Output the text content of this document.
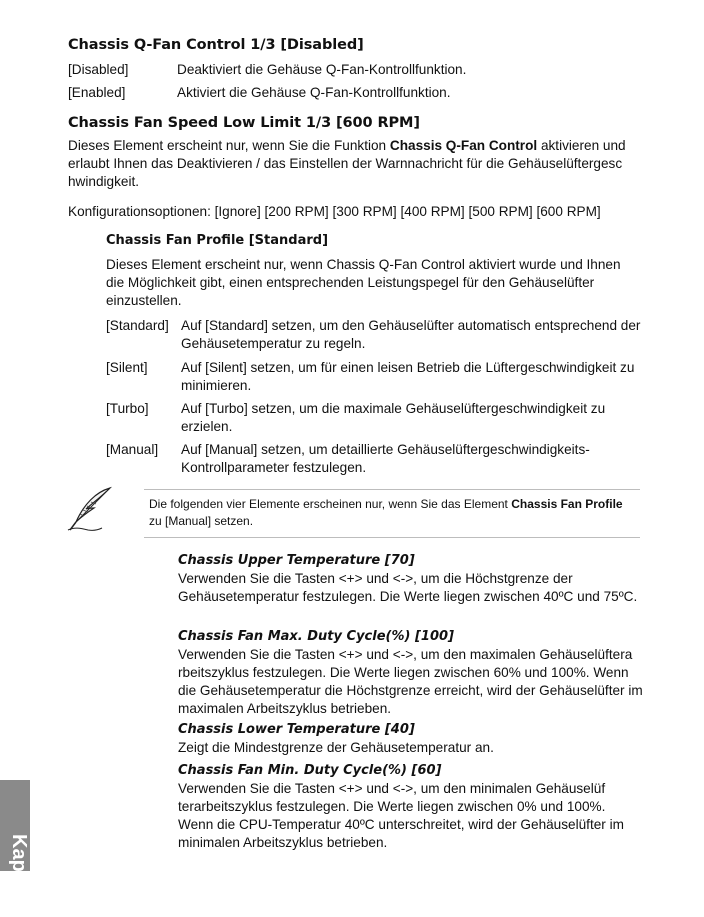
Chassis Q-Fan Control 1/3 [Disabled]
[Disabled]	Deaktiviert die Gehäuse Q-Fan-Kontrollfunktion.
[Enabled]	Aktiviert die Gehäuse Q-Fan-Kontrollfunktion.
Chassis Fan Speed Low Limit 1/3 [600 RPM]

Dieses Element erscheint nur, wenn Sie die Funktion Chassis Q-Fan Control aktivieren und erlaubt Ihnen das Deaktivieren / das Einstellen der Warnnachricht für die Gehäuselüftergesc hwindigkeit.

Konfigurationsoptionen: [Ignore] [200 RPM] [300 RPM] [400 RPM] [500 RPM] [600 RPM]

Chassis Fan Profile [Standard]

Dieses Element erscheint nur, wenn Chassis Q-Fan Control aktiviert wurde und Ihnen die Möglichkeit gibt, einen entsprechenden Leistungspegel für den Gehäuselüfter einzustellen.

[Standard] Auf [Standard] setzen, um den Gehäuselüfter automatisch entsprechend der Gehäusetemperatur zu regeln.
[Silent] Auf [Silent] setzen, um für einen leisen Betrieb die Lüftergeschwindigkeit zu minimieren.
[Turbo] Auf [Turbo] setzen, um die maximale Gehäuselüftergeschwindigkeit zu erzielen.
[Manual] Auf [Manual] setzen, um detaillierte Gehäuselüftergeschwindigkeits-Kontrollparameter festzulegen.

Die folgenden vier Elemente erscheinen nur, wenn Sie das Element Chassis Fan Profile zu [Manual] setzen.

Chassis Upper Temperature [70]

Verwenden Sie die Tasten <+> und <->, um die Höchstgrenze der Gehäusetemperatur festzulegen. Die Werte liegen zwischen 40ºC und 75ºC.

Chassis Fan Max. Duty Cycle(%) [100]

Verwenden Sie die Tasten <+> und <->, um den maximalen Gehäuselüftera rbeitszyklus festzulegen. Die Werte liegen zwischen 60% und 100%. Wenn die Gehäusetemperatur die Höchstgrenze erreicht, wird der Gehäuselüfter im maximalen Arbeitszyklus betrieben.

Chassis Lower Temperature [40]

Zeigt die Mindestgrenze der Gehäusetemperatur an.

Chassis Fan Min. Duty Cycle(%) [60]

Verwenden Sie die Tasten <+> und <->, um den minimalen Gehäuselüf terarbeitszyklus festzulegen. Die Werte liegen zwischen 0% und 100%. Wenn die CPU-Temperatur 40ºC unterschreitet, wird der Gehäuselüfter im minimalen Arbeitszyklus betrieben.

Kapitel 2
